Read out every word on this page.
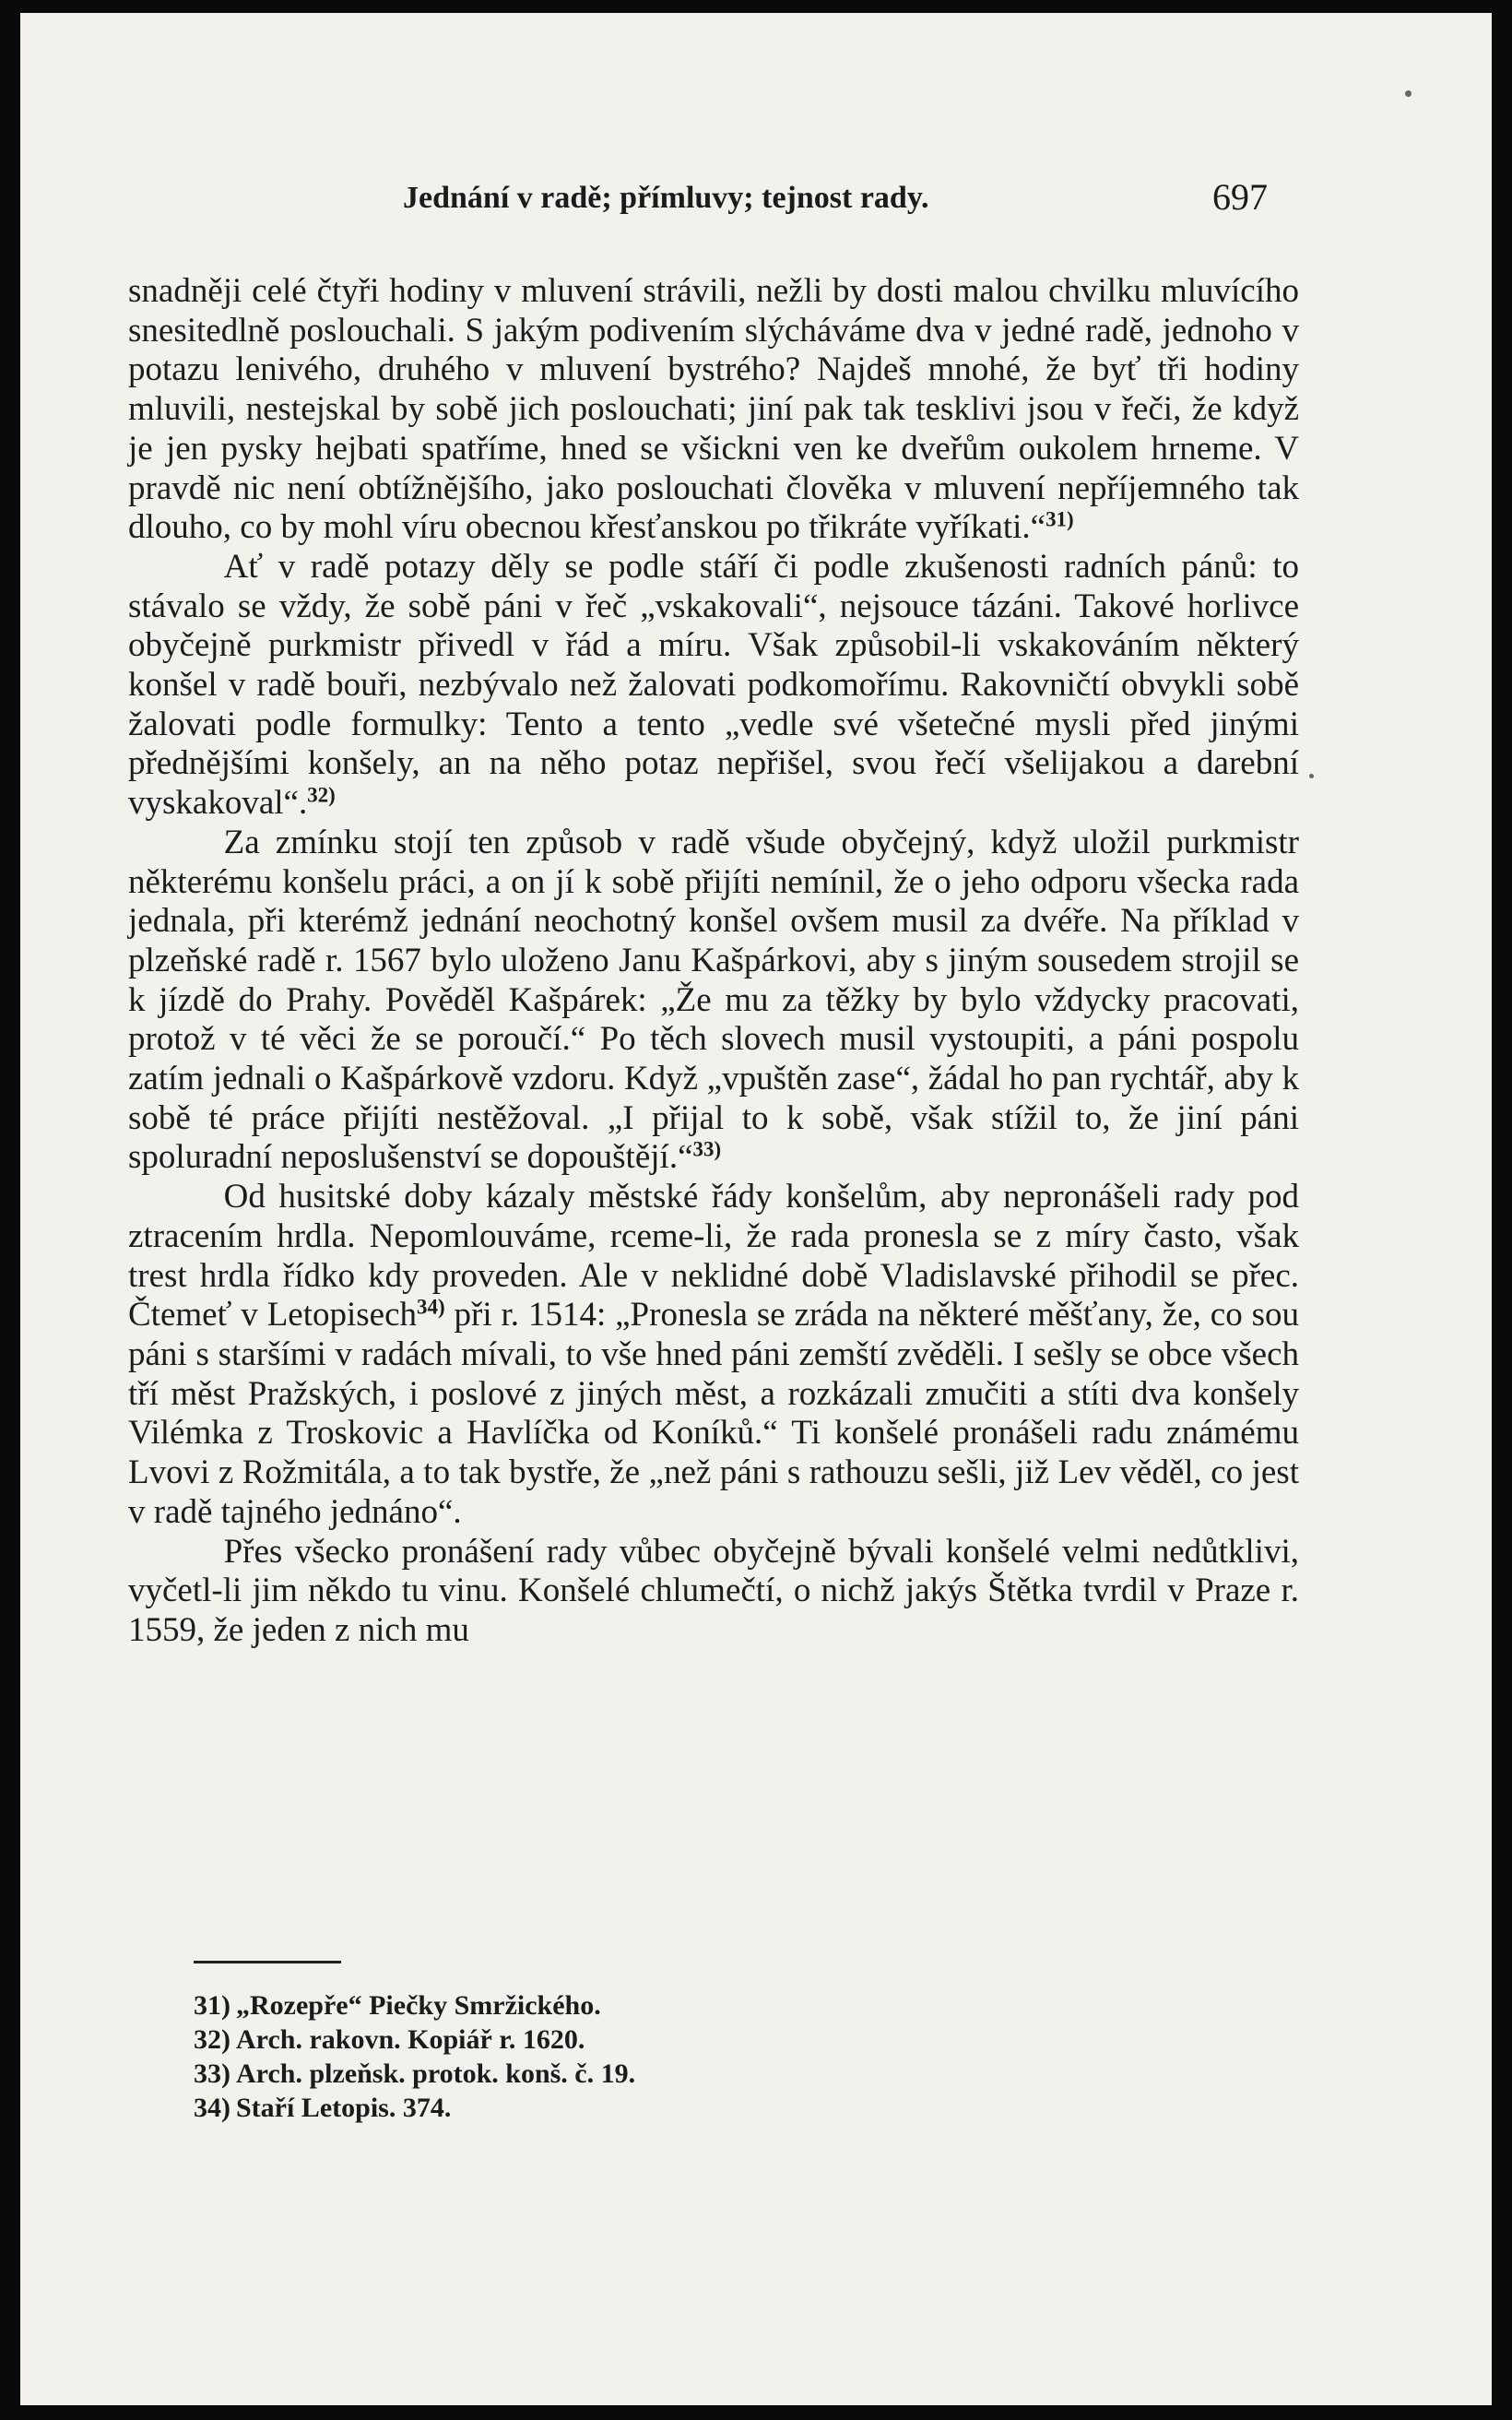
Jednání v radě; přímluvy; tejnost rady.	697

snadněji celé čtyři hodiny v mluvení strávili, nežli by dosti malou chvilku mluvícího snesitedlně poslouchali. S jakým podivením slýcháváme dva v jedné radě, jednoho v potazu lenivého, druhého v mluvení bystrého? Najdeš mnohé, že byť tři hodiny mluvili, nestejskal by sobě jich poslouchati; jiní pak tak tesklivi jsou v řeči, že když je jen pysky hejbati spatříme, hned se všickni ven ke dveřům oukolem hrneme. V pravdě nic není obtížnějšího, jako poslouchati člověka v mluvení nepříjemného tak dlouho, co by mohl víru obecnou křesťanskou po třikráte vyříkati.“$^{31)}$

Ať v radě potazy děly se podle stáří či podle zkušenosti radních pánů: to stávalo se vždy, že sobě páni v řeč „vskakovali“, nejsouce tázáni. Takové horlivce obyčejně purkmistr přivedl v řád a míru. Však způsobil-li vskakováním některý konšel v radě bouři, nezbývalo než žalovati podkomořímu. Rakovničtí obvykli sobě žalovati podle formulky: Tento a tento „vedle své všetečné mysli před jinými přednějšími konšely, an na něho potaz nepřišel, svou řečí všelijakou a darební vyskakoval“.$^{32)}$

Za zmínku stojí ten způsob v radě všude obyčejný, když uložil purkmistr některému konšelu práci, a on jí k sobě přijíti nemínil, že o jeho odporu všecka rada jednala, při kterémž jednání neochotný konšel ovšem musil za dvéře. Na příklad v plzeňské radě r. 1567 bylo uloženo Janu Kašpárkovi, aby s jiným sousedem strojil se k jízdě do Prahy. Pověděl Kašpárek: „Že mu za těžky by bylo vždycky pracovati, protož v té věci že se poroučí.“ Po těch slovech musil vystoupiti, a páni pospolu zatím jednali o Kašpárkově vzdoru. Když „vpuštěn zase“, žádal ho pan rychtář, aby k sobě té práce přijíti nestěžoval. „I přijal to k sobě, však stížil to, že jiní páni spoluradní neposlušenství se dopouštějí.“$^{33)}$

Od husitské doby kázaly městské řády konšelům, aby nepronášeli rady pod ztracením hrdla. Nepomlouváme, rceme-li, že rada pronesla se z míry často, však trest hrdla řídko kdy proveden. Ale v neklidné době Vladislavské přihodil se přec. Čtemeť v Letopisech$^{34)}$ při r. 1514: „Pronesla se zráda na některé měšťany, že, co sou páni s staršími v radách mívali, to vše hned páni zemští zvěděli. I sešly se obce všech tří měst Pražských, i poslové z jiných měst, a rozkázali zmučiti a stíti dva konšely Vilémka z Troskovic a Havlíčka od Koníků.“ Ti konšelé pronášeli radu známému Lvovi z Rožmitála, a to tak bystře, že „než páni s rathouzu sešli, již Lev věděl, co jest v radě tajného jednáno“.

Přes všecko pronášení rady vůbec obyčejně bývali konšelé velmi nedůtklivi, vyčetl-li jim někdo tu vinu. Konšelé chlumečtí, o nichž jakýs Štětka tvrdil v Praze r. 1559, že jeden z nich mu

31) „Rozepře“ Piečky Smržického.
32) Arch. rakovn. Kopiář r. 1620.
33) Arch. plzeňsk. protok. konš. č. 19.
34) Staří Letopis. 374.
